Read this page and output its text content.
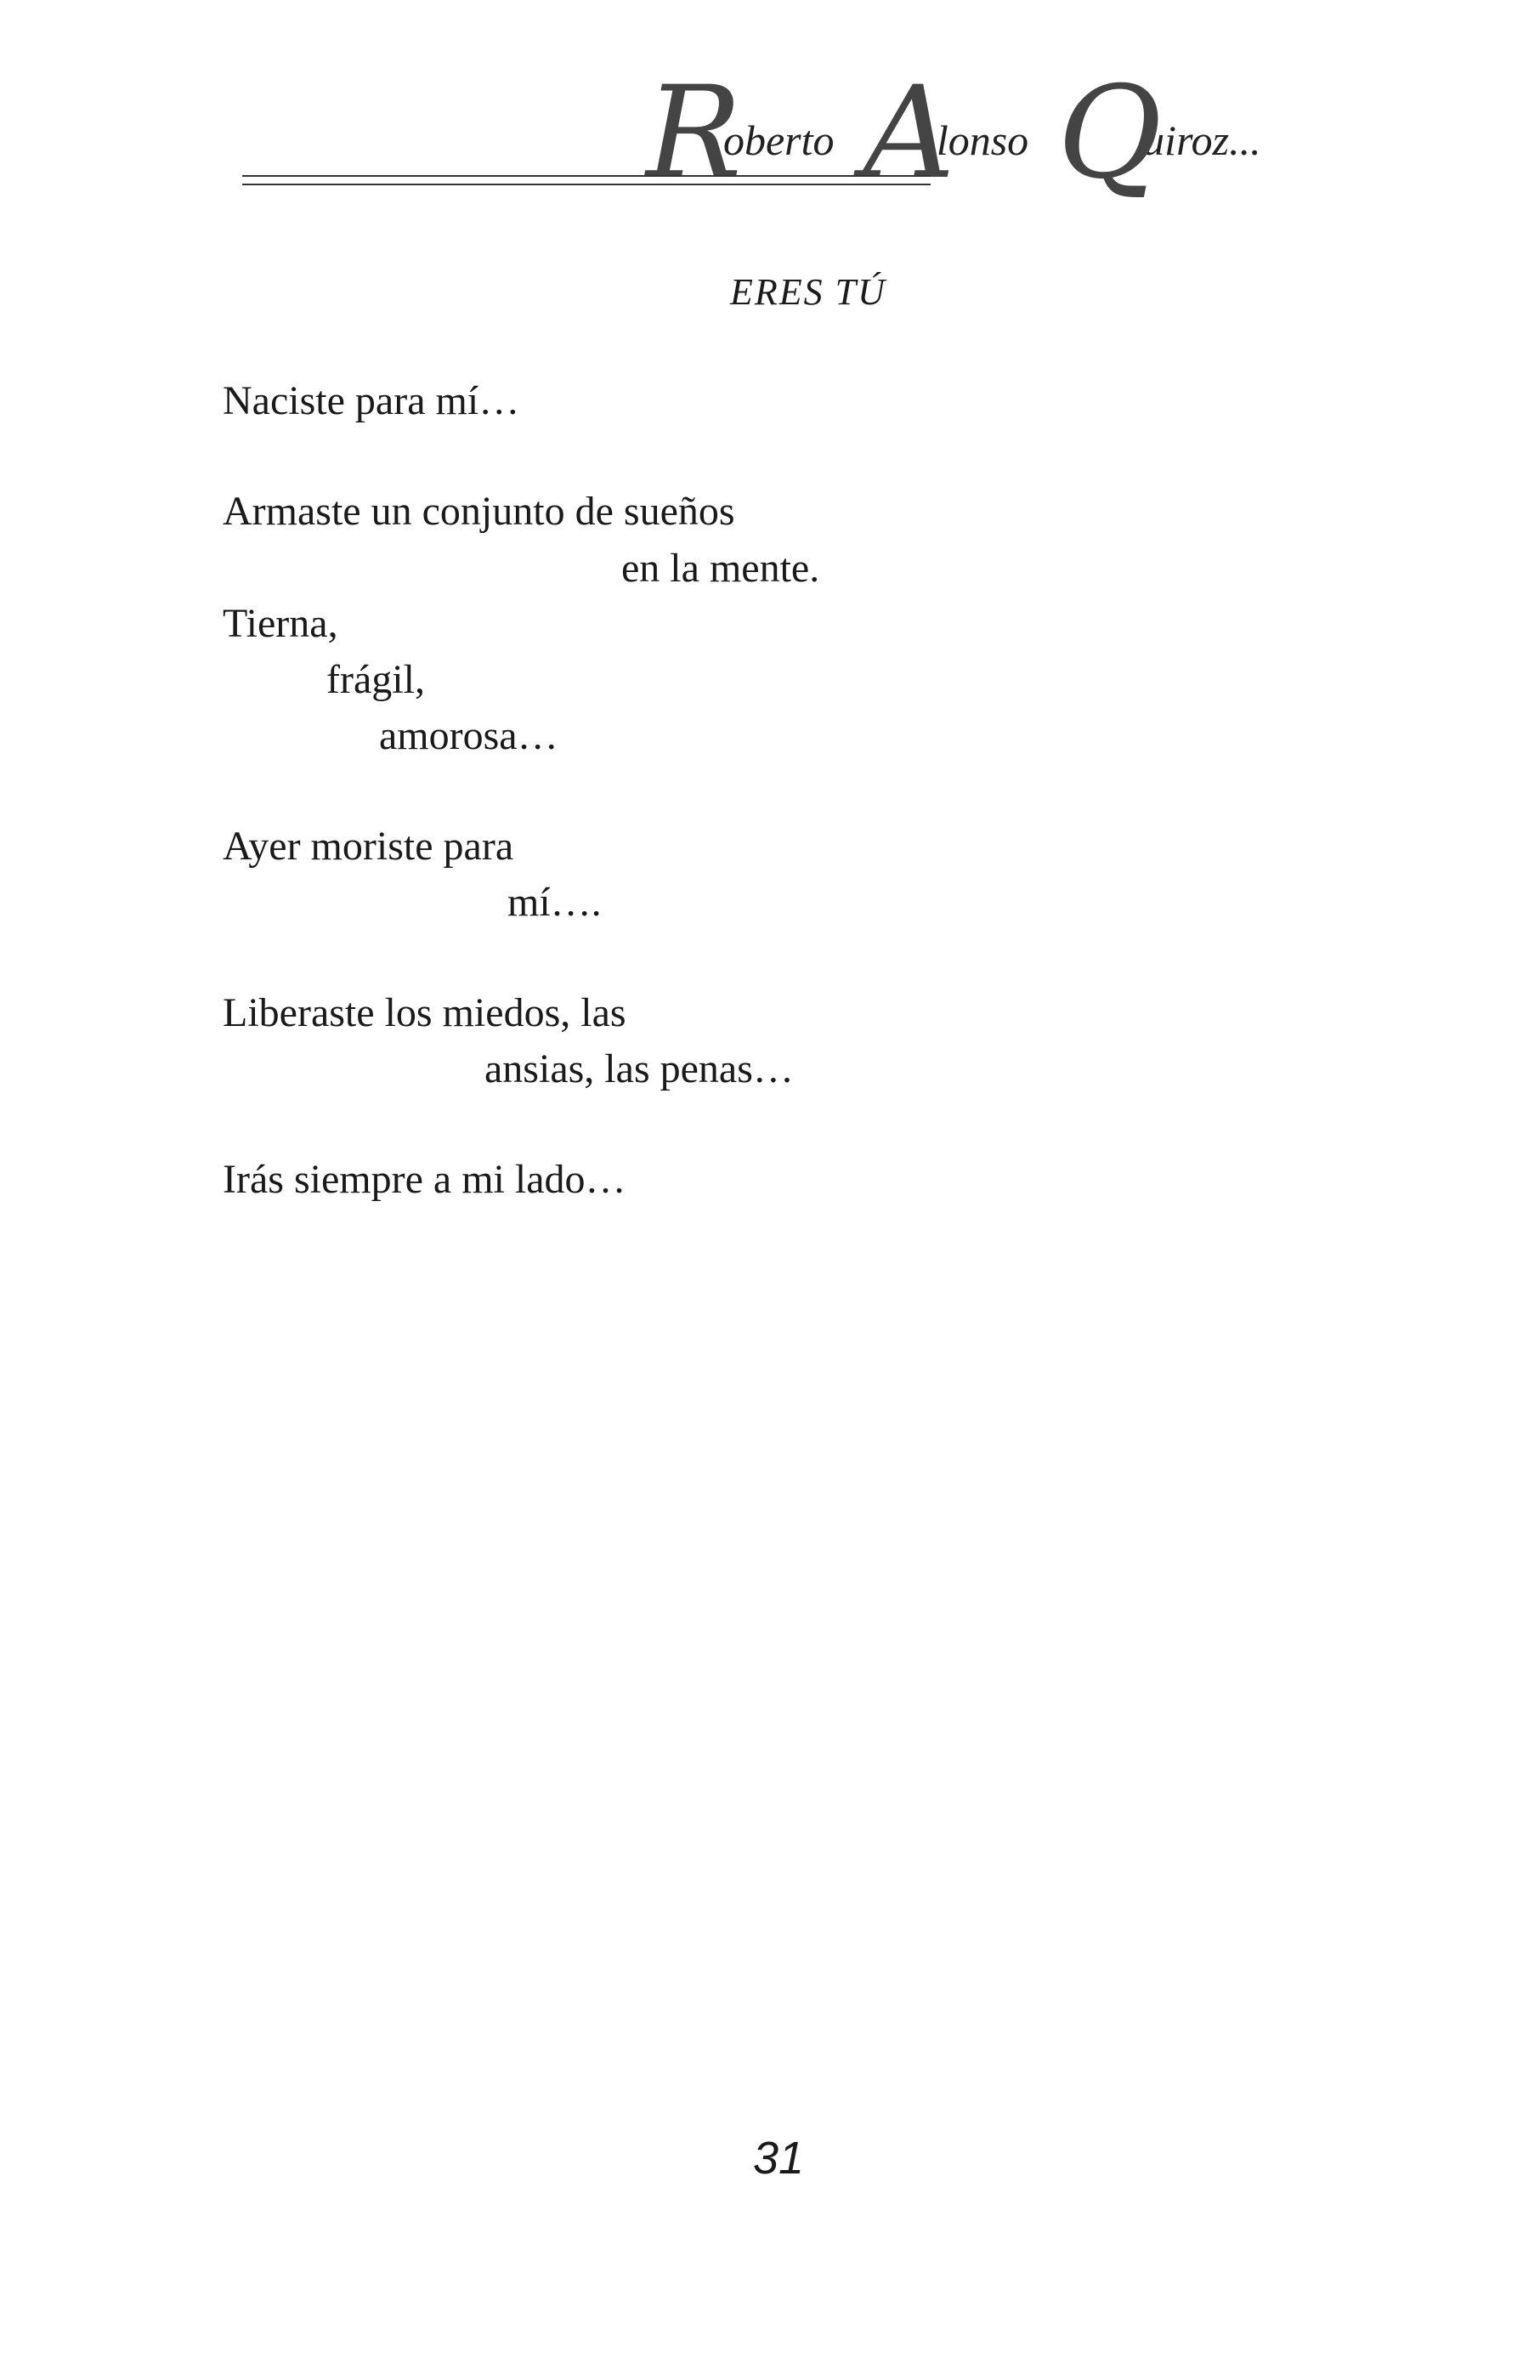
R
oberto A
lonso Q
uiroz...
ERES TÚ
Naciste para mí…
Armaste un conjunto de sueños
en la mente.
Tierna,
frágil,
amorosa…
Ayer moriste para
mí….
Liberaste los miedos, las
ansias, las penas…
Irás siempre a mi lado…
31
